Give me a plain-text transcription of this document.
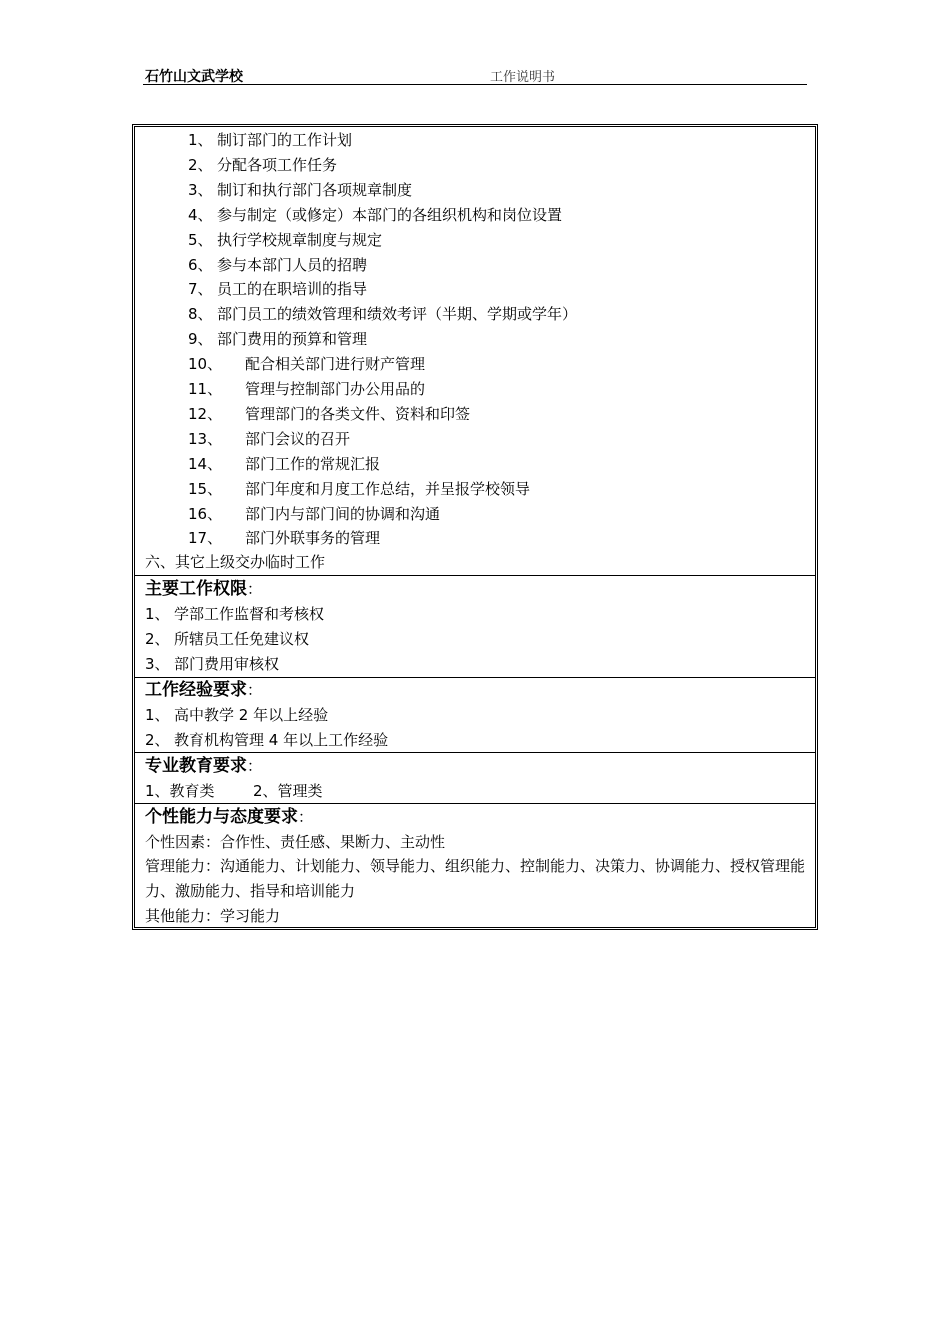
石竹山文武学校	工作说明书
1、 制订部门的工作计划
2、 分配各项工作任务
3、 制订和执行部门各项规章制度
4、 参与制定（或修定）本部门的各组织机构和岗位设置
5、 执行学校规章制度与规定
6、 参与本部门人员的招聘
7、 员工的在职培训的指导
8、 部门员工的绩效管理和绩效考评（半期、学期或学年）
9、 部门费用的预算和管理
10、 配合相关部门进行财产管理
11、 管理与控制部门办公用品的
12、 管理部门的各类文件、资料和印签
13、 部门会议的召开
14、 部门工作的常规汇报
15、 部门年度和月度工作总结，并呈报学校领导
16、 部门内与部门间的协调和沟通
17、 部门外联事务的管理
六、其它上级交办临时工作
主要工作权限：
1、 学部工作监督和考核权
2、 所辖员工任免建议权
3、 部门费用审核权
工作经验要求：
1、 高中教学 2 年以上经验
2、 教育机构管理 4 年以上工作经验
专业教育要求：
1、教育类	2、管理类
个性能力与态度要求：
个性因素：合作性、责任感、果断力、主动性
管理能力：沟通能力、计划能力、领导能力、组织能力、控制能力、决策力、协调能力、授权管理能力、激励能力、指导和培训能力
其他能力：学习能力
